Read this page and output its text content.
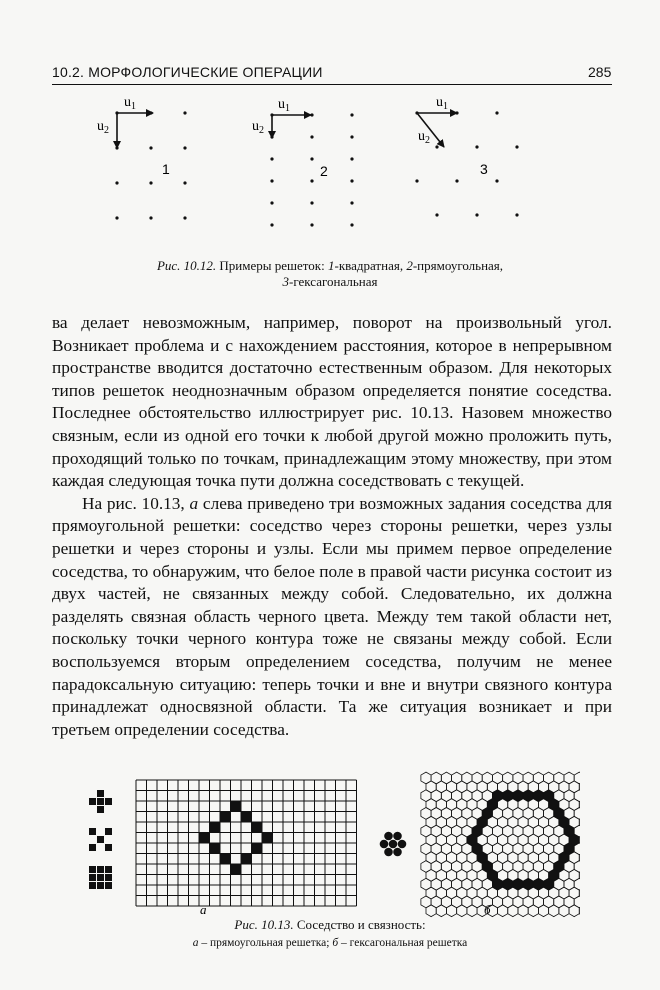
10.2. МОРФОЛОГИЧЕСКИЕ ОПЕРАЦИИ	285
$u_1$
$u_2$
$u_1$
$u_2$
$u_1$
$u_2$
1	2	3
Рис. 10.12. Примеры решеток: 1-квадратная, 2-прямоугольная,
3-гексагональная

ва делает невозможным, например, поворот на произвольный угол. Возникает проблема и с нахождением расстояния, которое в непрерывном пространстве вводится достаточно естественным образом. Для некоторых типов решеток неоднозначным образом определяется понятие соседства. Последнее обстоятельство иллюстрирует рис. 10.13. Назовем множество связным, если из одной его точки к любой другой можно проложить путь, проходящий только по точкам, принадлежащим этому множеству, при этом каждая следующая точка пути должна соседствовать с текущей.

На рис. 10.13, а слева приведено три возможных задания соседства для прямоугольной решетки: соседство через стороны решетки, через узлы решетки и через стороны и узлы. Если мы примем первое определение соседства, то обнаружим, что белое поле в правой части рисунка состоит из двух частей, не связанных между собой. Следовательно, их должна разделять связная область черного цвета. Между тем такой области нет, поскольку точки черного контура тоже не связаны между собой. Если воспользуемся вторым определением соседства, получим не менее парадоксальную ситуацию: теперь точки и вне и внутри связного контура принадлежат односвязной области. Та же ситуация возникает и при третьем определении соседства.

а	б
Рис. 10.13. Соседство и связность:
а – прямоугольная решетка; б – гексагональная решетка
